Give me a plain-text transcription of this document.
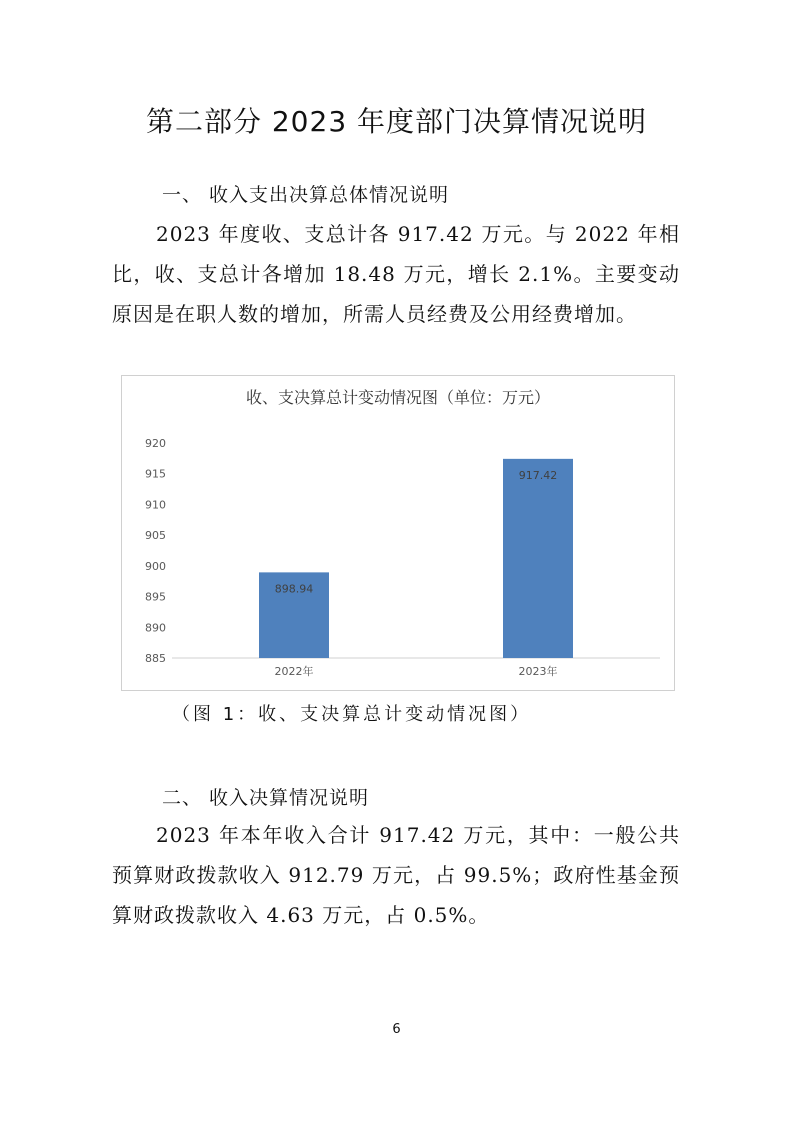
第二部分 2023 年度部门决算情况说明
一、 收入支出决算总体情况说明
2023 年度收、支总计各 917.42 万元。与 2022 年相比，收、支总计各增加 18.48 万元，增长 2.1%。主要变动原因是在职人数的增加，所需人员经费及公用经费增加。
收、支决算总计变动情况图（单位：万元）
885
890
895
900
905
910
915
920
898.94
917.42
2022年	2023年
（图 1：收、支决算总计变动情况图）
二、 收入决算情况说明
2023 年本年收入合计 917.42 万元，其中：一般公共预算财政拨款收入 912.79 万元，占 99.5%；政府性基金预算财政拨款收入 4.63 万元，占 0.5%。
6
